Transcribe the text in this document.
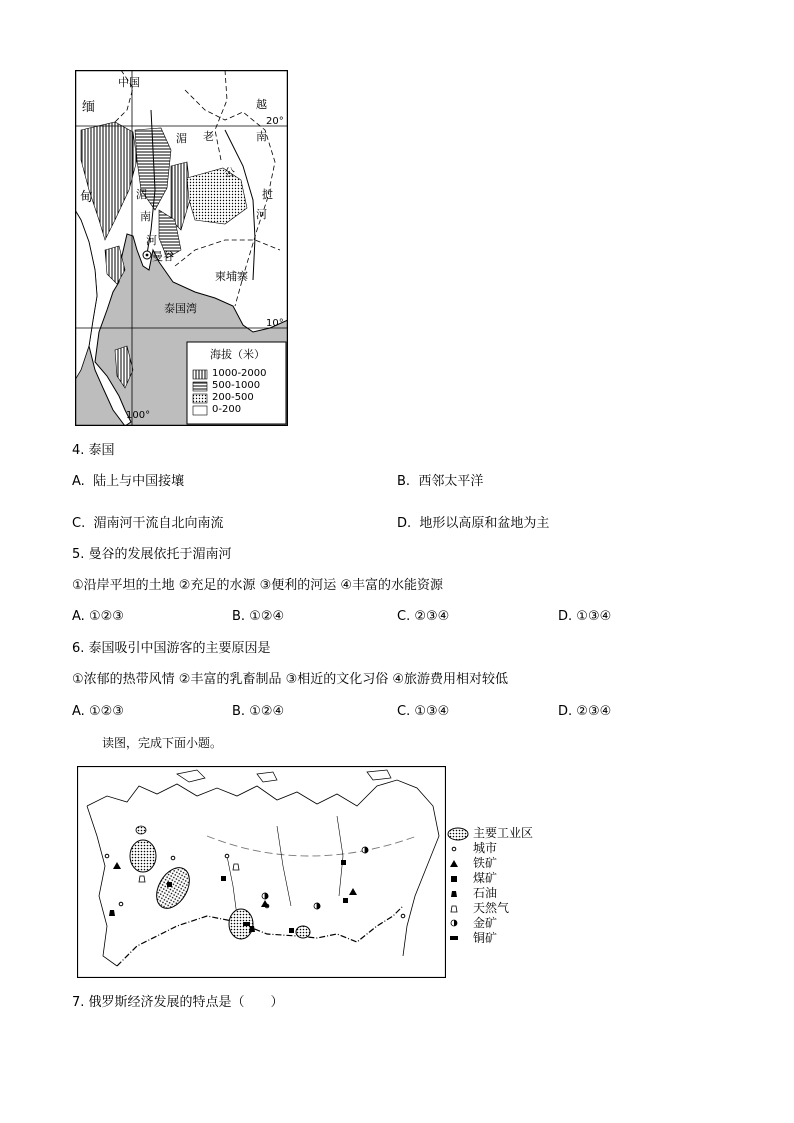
中国
缅
甸
老
挝
越
南
湄
公
河
湄
南
河
曼谷
柬埔寨
泰国湾
20°
10°
100°
海拔（米）
1000-2000
500-1000
200-500
0-200
4. 泰国
A. 陆上与中国接壤	B. 西邻太平洋
C. 湄南河干流自北向南流	D. 地形以高原和盆地为主
5. 曼谷的发展依托于湄南河
①沿岸平坦的土地 ②充足的水源 ③便利的河运 ④丰富的水能资源
A. ①②③	B. ①②④	C. ②③④	D. ①③④
6. 泰国吸引中国游客的主要原因是
①浓郁的热带风情 ②丰富的乳畜制品 ③相近的文化习俗 ④旅游费用相对较低
A. ①②③	B. ①②④	C. ①③④	D. ②③④
读图，完成下面小题。
主要工业区
城市
铁矿
煤矿
石油
天然气
金矿
铜矿
7. 俄罗斯经济发展的特点是（　　）
